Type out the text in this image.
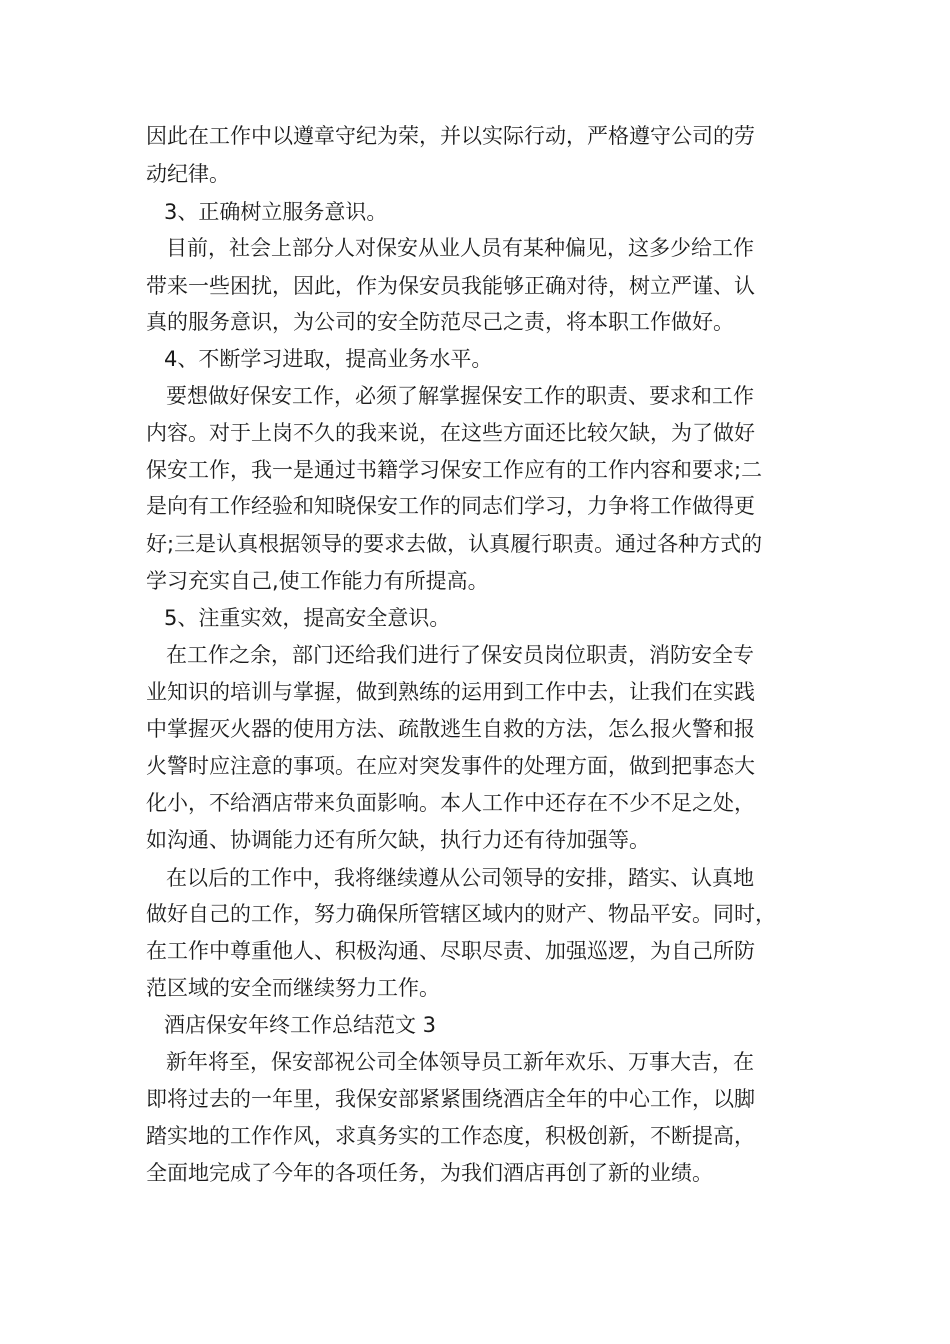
因此在工作中以遵章守纪为荣，并以实际行动，严格遵守公司的劳
动纪律。
3、正确树立服务意识。
目前，社会上部分人对保安从业人员有某种偏见，这多少给工作
带来一些困扰，因此，作为保安员我能够正确对待，树立严谨、认
真的服务意识，为公司的安全防范尽己之责，将本职工作做好。
4、不断学习进取，提高业务水平。
要想做好保安工作，必须了解掌握保安工作的职责、要求和工作
内容。对于上岗不久的我来说，在这些方面还比较欠缺，为了做好
保安工作，我一是通过书籍学习保安工作应有的工作内容和要求;二
是向有工作经验和知晓保安工作的同志们学习，力争将工作做得更
好;三是认真根据领导的要求去做，认真履行职责。通过各种方式的
学习充实自己,使工作能力有所提高。
5、注重实效，提高安全意识。
在工作之余，部门还给我们进行了保安员岗位职责，消防安全专
业知识的培训与掌握，做到熟练的运用到工作中去，让我们在实践
中掌握灭火器的使用方法、疏散逃生自救的方法，怎么报火警和报
火警时应注意的事项。在应对突发事件的处理方面，做到把事态大
化小，不给酒店带来负面影响。本人工作中还存在不少不足之处，
如沟通、协调能力还有所欠缺，执行力还有待加强等。
在以后的工作中，我将继续遵从公司领导的安排，踏实、认真地
做好自己的工作，努力确保所管辖区域内的财产、物品平安。同时，
在工作中尊重他人、积极沟通、尽职尽责、加强巡逻，为自己所防
范区域的安全而继续努力工作。
酒店保安年终工作总结范文 3
新年将至，保安部祝公司全体领导员工新年欢乐、万事大吉，在
即将过去的一年里，我保安部紧紧围绕酒店全年的中心工作，以脚
踏实地的工作作风，求真务实的工作态度，积极创新，不断提高，
全面地完成了今年的各项任务，为我们酒店再创了新的业绩。
